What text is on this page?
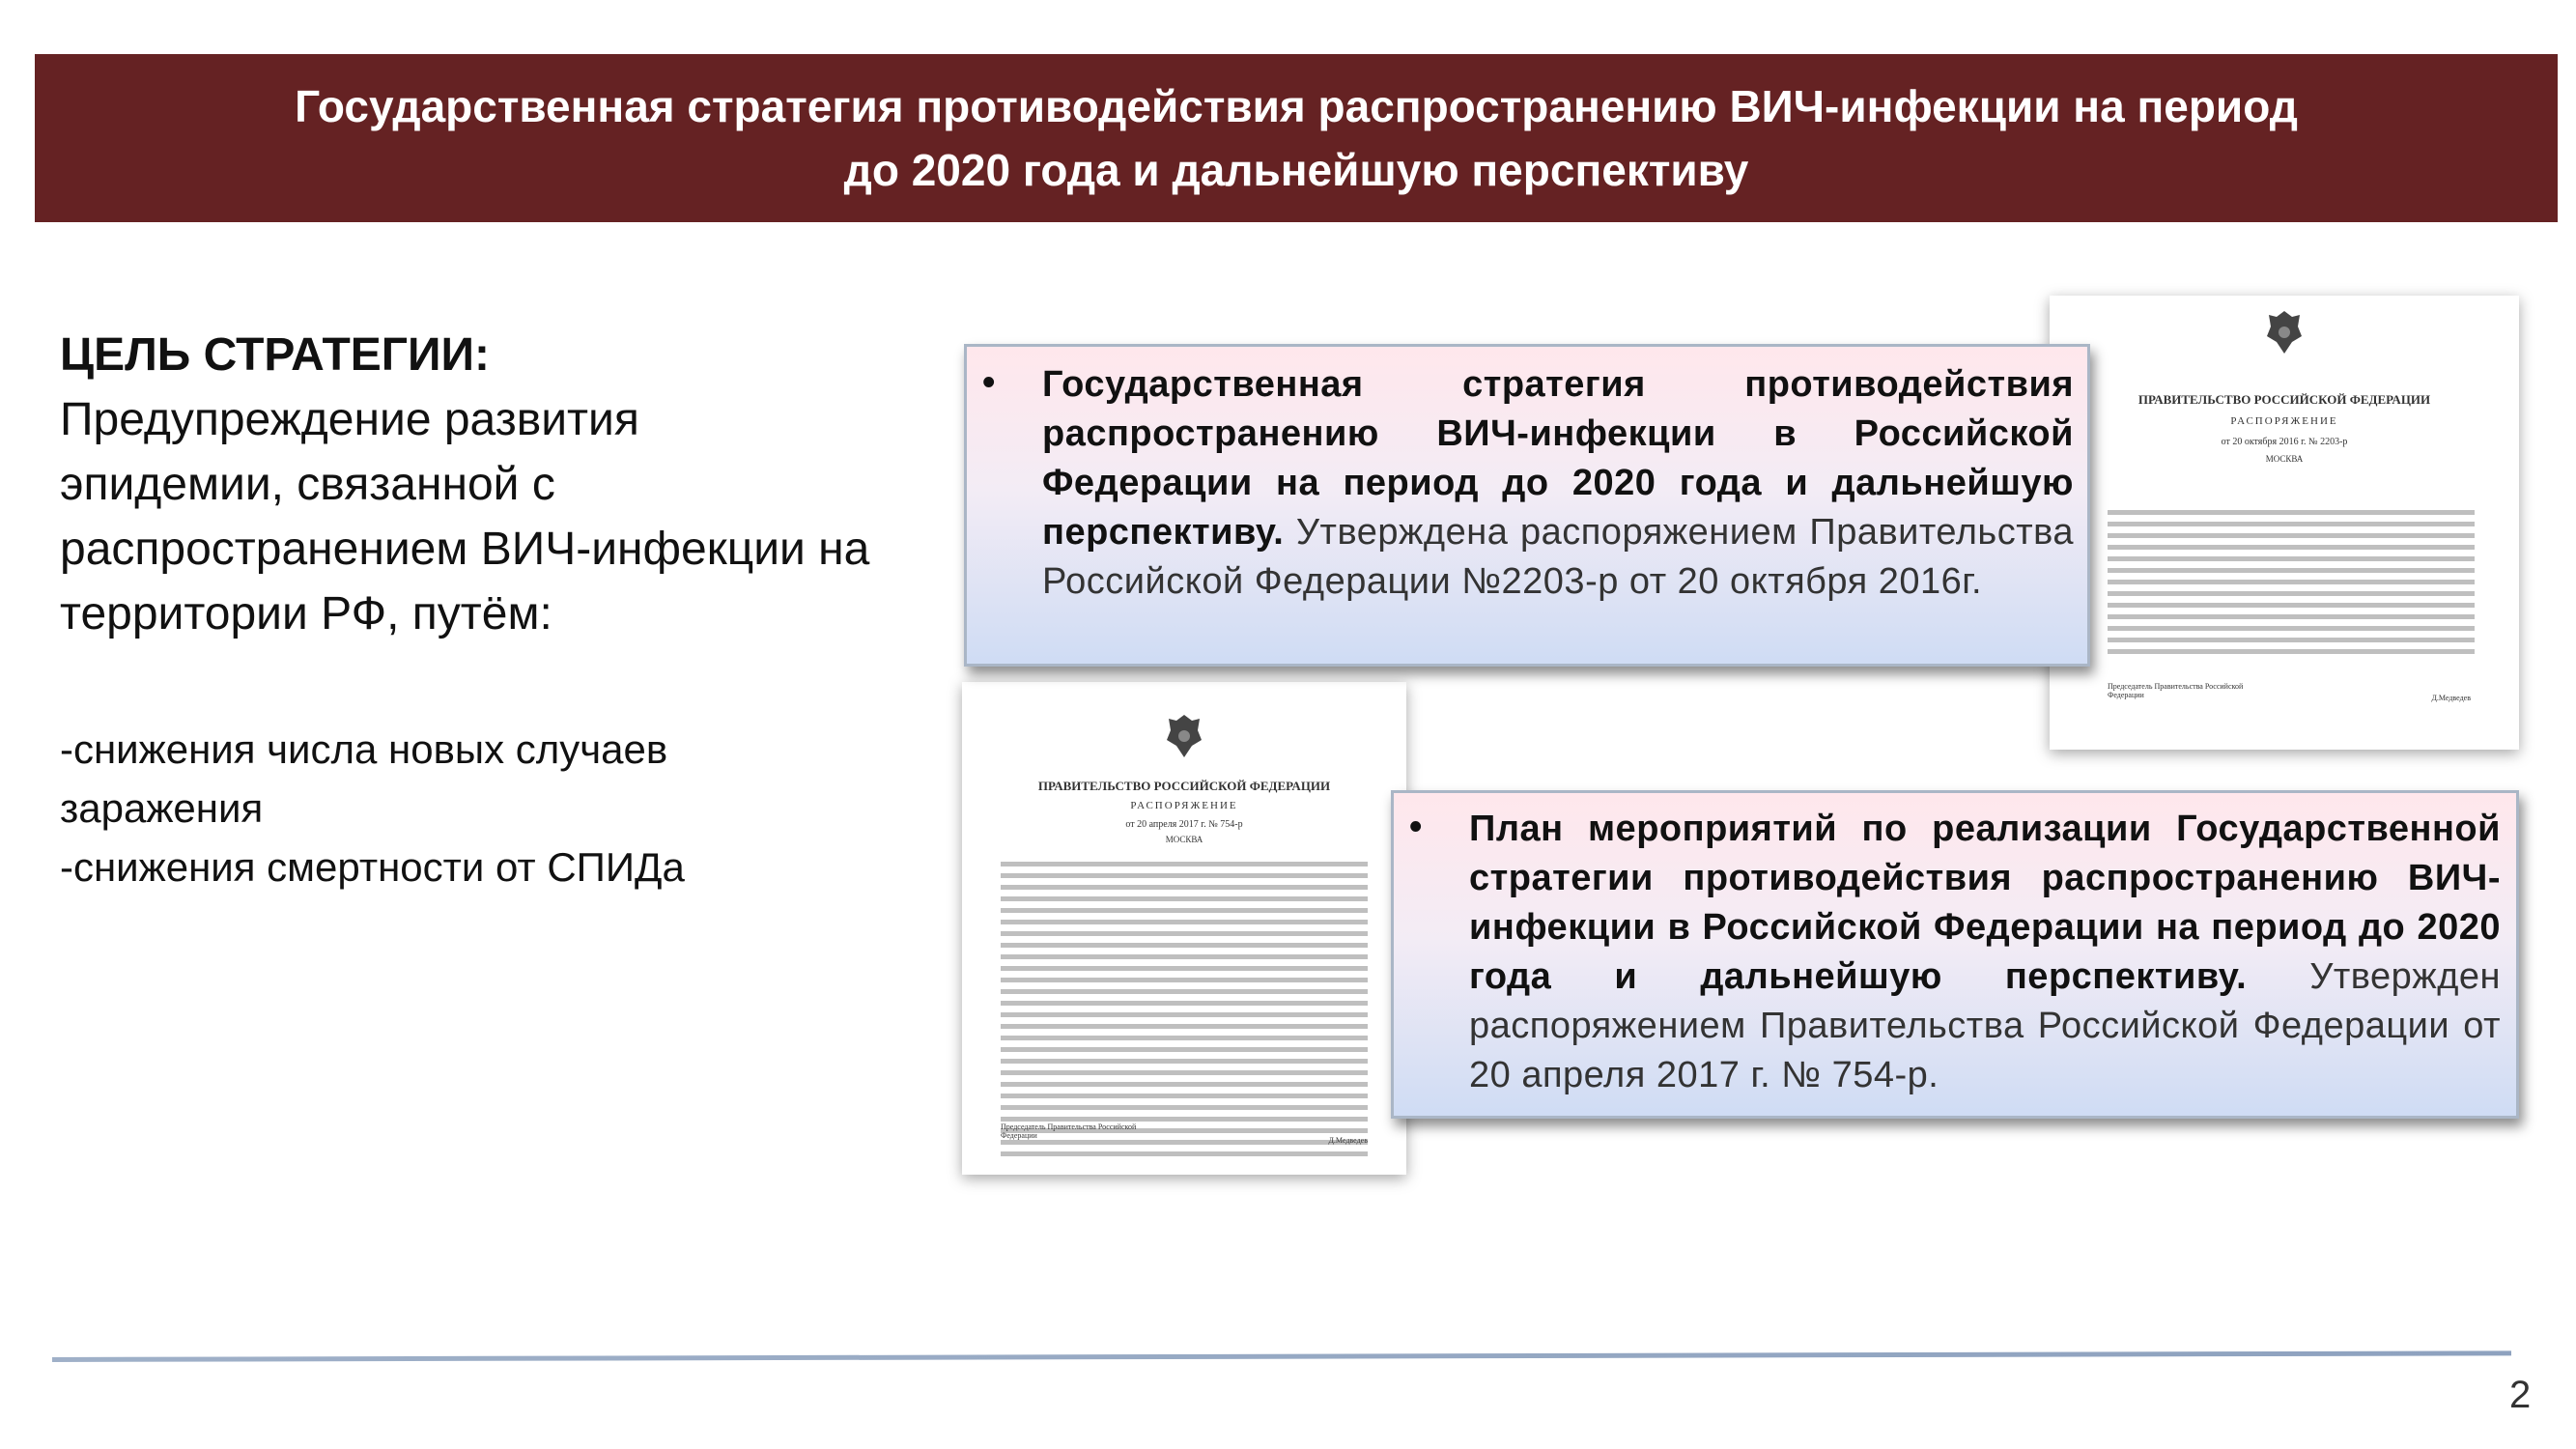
Государственная стратегия противодействия распространению ВИЧ-инфекции на период
до 2020 года и дальнейшую перспективу
ЦЕЛЬ СТРАТЕГИИ:
Предупреждение развития
эпидемии, связанной с
распространением ВИЧ-инфекции на
территории РФ, путём:
-снижения числа новых случаев
заражения
-снижения смертности от СПИДа
ПРАВИТЕЛЬСТВО РОССИЙСКОЙ ФЕДЕРАЦИИ
РАСПОРЯЖЕНИЕ
от 20 октября 2016 г. № 2203-р
МОСКВА
Председатель Правительства Российской Федерации	Д.Медведев
ПРАВИТЕЛЬСТВО РОССИЙСКОЙ ФЕДЕРАЦИИ
РАСПОРЯЖЕНИЕ
от 20 апреля 2017 г. № 754-р
МОСКВА
Председатель Правительства Российской Федерации
Д.Медведев
• Государственная стратегия противодействия распространению ВИЧ-инфекции в Российской Федерации на период до 2020 года и дальнейшую перспективу. Утверждена распоряжением Правительства Российской Федерации №2203-р от 20 октября 2016г.
• План мероприятий по реализации Государственной стратегии противодействия распространению ВИЧ-инфекции в Российской Федерации на период до 2020 года и дальнейшую перспективу. Утвержден распоряжением Правительства Российской Федерации от 20 апреля 2017 г. № 754-р.
2
